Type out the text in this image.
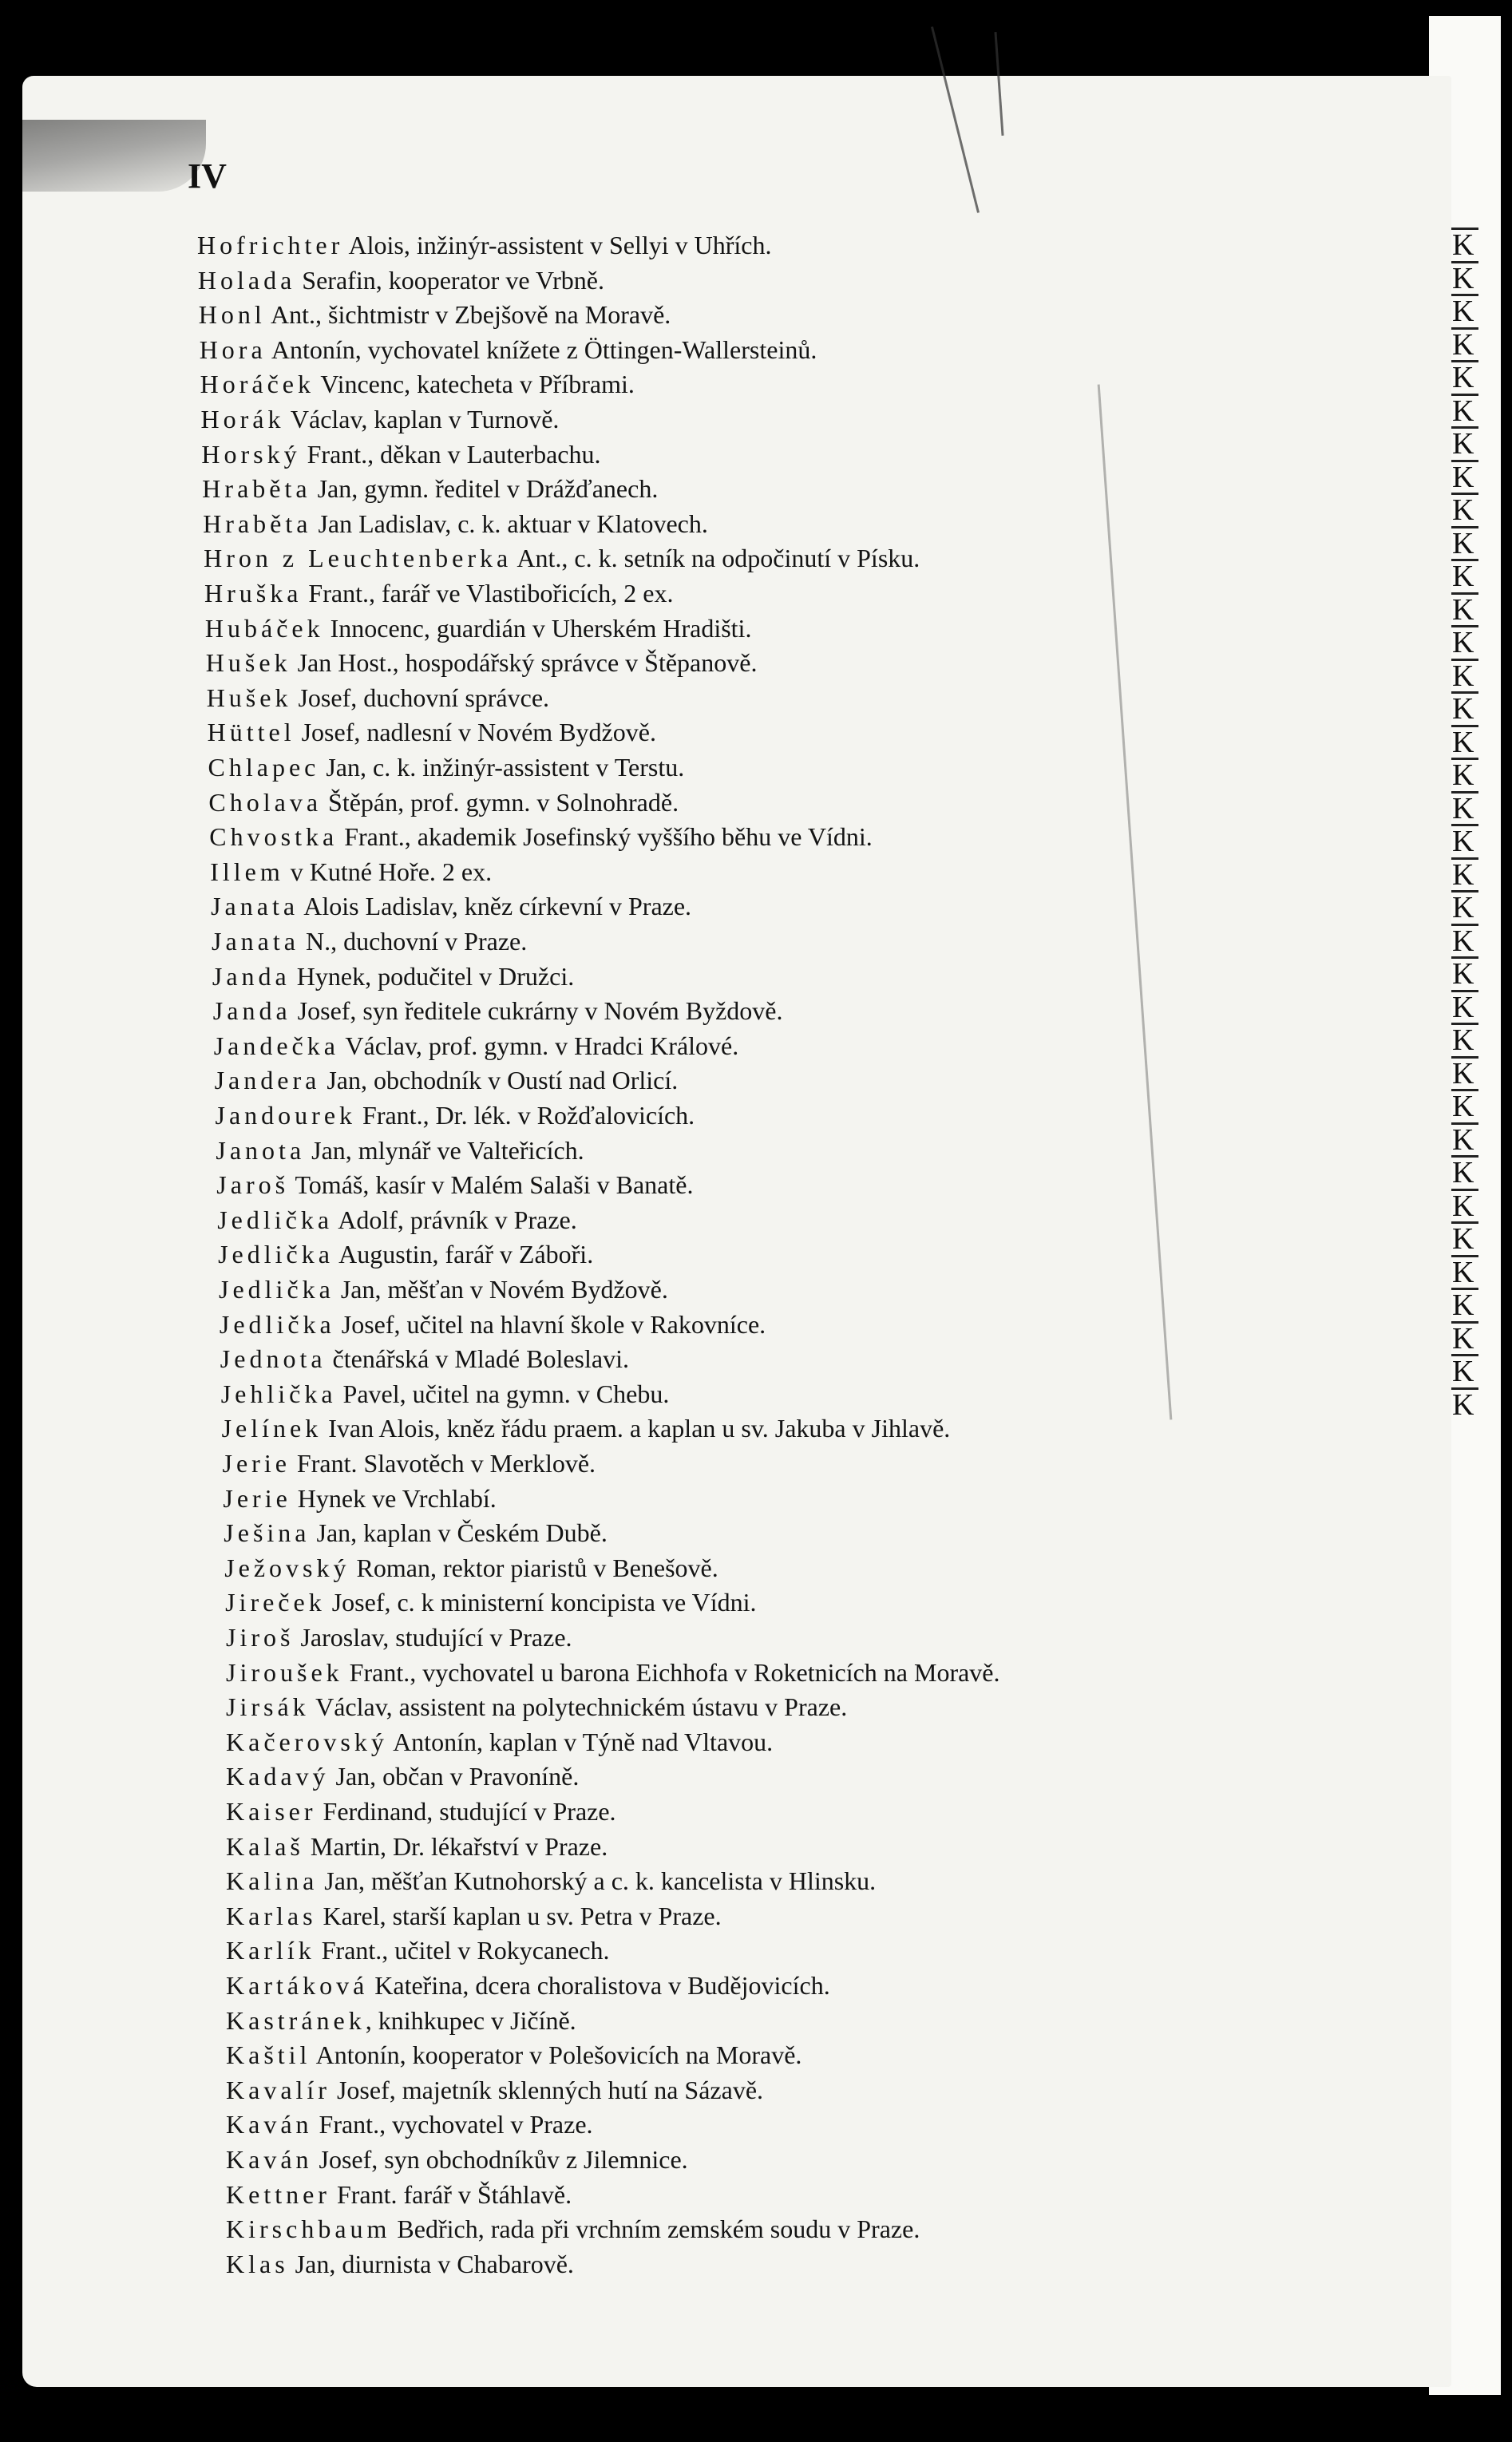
K
K
K
K
K
K
K
K
K
K
K
K
K
K
K
K
K
K
K
K
K
K
K
K
K
K
K
K
K
K
K
K
K
K
K
K
IV
Hofrichter Alois, inžinýr-assistent v Sellyi v Uhřích.
Holada Serafin, kooperator ve Vrbně.
Honl Ant., šichtmistr v Zbejšově na Moravě.
Hora Antonín, vychovatel knížete z Öttingen-Wallersteinů.
Horáček Vincenc, katecheta v Příbrami.
Horák Václav, kaplan v Turnově.
Horský Frant., děkan v Lauterbachu.
Hraběta Jan, gymn. ředitel v Drážďanech.
Hraběta Jan Ladislav, c. k. aktuar v Klatovech.
Hron z Leuchtenberka Ant., c. k. setník na odpočinutí v Písku.
Hruška Frant., farář ve Vlastibořicích, 2 ex.
Hubáček Innocenc, guardián v Uherském Hradišti.
Hušek Jan Host., hospodářský správce v Štěpanově.
Hušek Josef, duchovní správce.
Hüttel Josef, nadlesní v Novém Bydžově.
Chlapec Jan, c. k. inžinýr-assistent v Terstu.
Cholava Štěpán, prof. gymn. v Solnohradě.
Chvostka Frant., akademik Josefinský vyššího běhu ve Vídni.
Illem v Kutné Hoře. 2 ex.
Janata Alois Ladislav, kněz církevní v Praze.
Janata N., duchovní v Praze.
Janda Hynek, podučitel v Družci.
Janda Josef, syn ředitele cukrárny v Novém Byždově.
Jandečka Václav, prof. gymn. v Hradci Králové.
Jandera Jan, obchodník v Oustí nad Orlicí.
Jandourek Frant., Dr. lék. v Rožďalovicích.
Janota Jan, mlynář ve Valteřicích.
Jaroš Tomáš, kasír v Malém Salaši v Banatě.
Jedlička Adolf, právník v Praze.
Jedlička Augustin, farář v Záboři.
Jedlička Jan, měšťan v Novém Bydžově.
Jedlička Josef, učitel na hlavní škole v Rakovníce.
Jednota čtenářská v Mladé Boleslavi.
Jehlička Pavel, učitel na gymn. v Chebu.
Jelínek Ivan Alois, kněz řádu praem. a kaplan u sv. Jakuba v Jihlavě.
Jerie Frant. Slavotěch v Merklově.
Jerie Hynek ve Vrchlabí.
Ješina Jan, kaplan v Českém Dubě.
Ježovský Roman, rektor piaristů v Benešově.
Jireček Josef, c. k ministerní koncipista ve Vídni.
Jiroš Jaroslav, studující v Praze.
Jiroušek Frant., vychovatel u barona Eichhofa v Roketnicích na Moravě.
Jirsák Václav, assistent na polytechnickém ústavu v Praze.
Kačerovský Antonín, kaplan v Týně nad Vltavou.
Kadavý Jan, občan v Pravoníně.
Kaiser Ferdinand, studující v Praze.
Kalaš Martin, Dr. lékařství v Praze.
Kalina Jan, měšťan Kutnohorský a c. k. kancelista v Hlinsku.
Karlas Karel, starší kaplan u sv. Petra v Praze.
Karlík Frant., učitel v Rokycanech.
Kartáková Kateřina, dcera choralistova v Budějovicích.
Kastránek, knihkupec v Jičíně.
Kaštil Antonín, kooperator v Polešovicích na Moravě.
Kavalír Josef, majetník sklenných hutí na Sázavě.
Kaván Frant., vychovatel v Praze.
Kaván Josef, syn obchodníkův z Jilemnice.
Kettner Frant. farář v Štáhlavě.
Kirschbaum Bedřich, rada při vrchním zemském soudu v Praze.
Klas Jan, diurnista v Chabarově.
